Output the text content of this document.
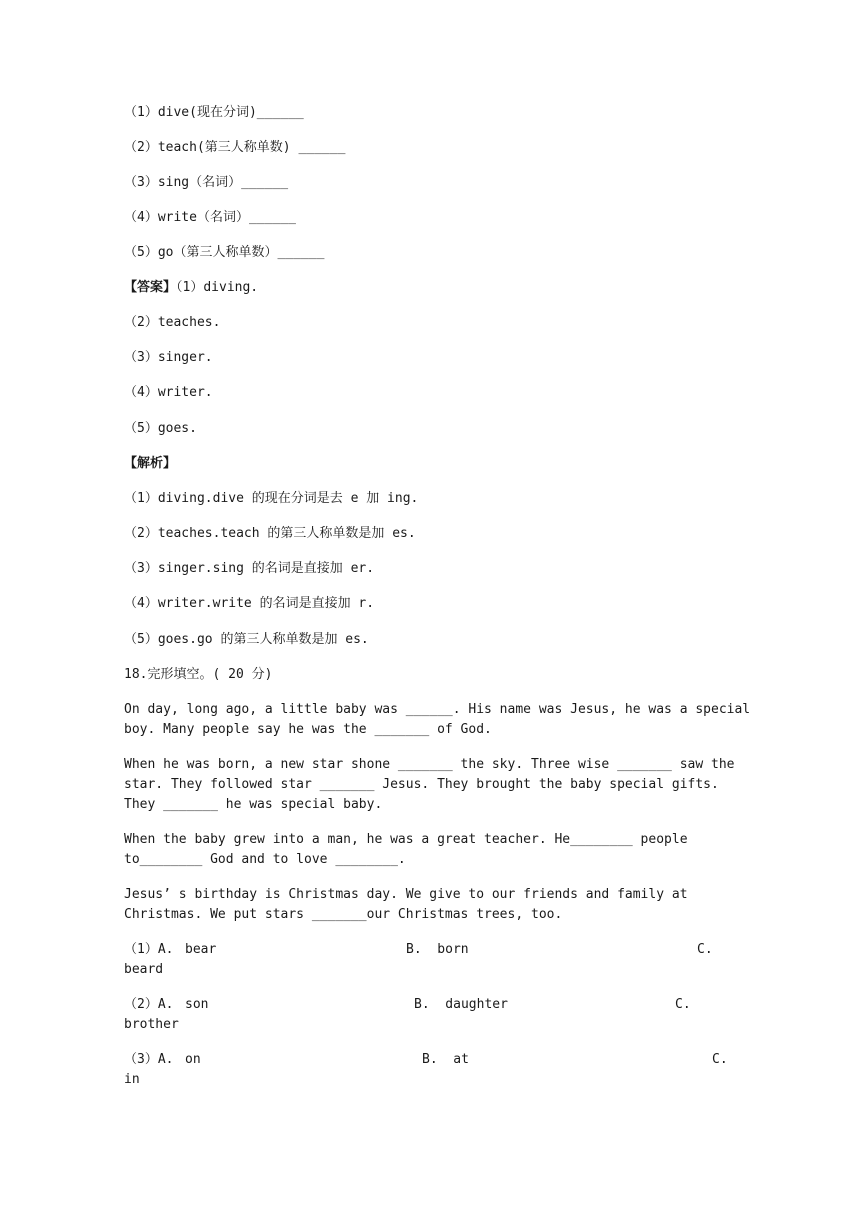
（1）dive(现在分词)______
（2）teach(第三人称单数) ______
（3）sing（名词）______
（4）write（名词）______
（5）go（第三人称单数）______
【答案】（1）diving.
（2）teaches.
（3）singer.
（4）writer.
（5）goes.
【解析】
（1）diving.dive 的现在分词是去 e 加 ing.
（2）teaches.teach 的第三人称单数是加 es.
（3）singer.sing 的名词是直接加 er.
（4）writer.write 的名词是直接加 r.
（5）goes.go 的第三人称单数是加 es.
18.完形填空。( 20 分)
On day, long ago, a little baby was ______. His name was Jesus, he was a special
boy. Many people say he was the _______ of God.
When he was born, a new star shone _______ the sky. Three wise _______ saw the
star. They followed star _______ Jesus. They brought the baby special gifts.
They _______ he was special baby.
When the baby grew into a man, he was a great teacher. He________ people
to________ God and to love ________.
Jesus’ s birthday is Christmas day. We give to our friends and family at
Christmas. We put stars _______our Christmas trees, too.
（1）A. bear	B.  born	C.
beard
（2）A. son	B.  daughter	C.
brother
（3）A. on	B.  at	C.
in
